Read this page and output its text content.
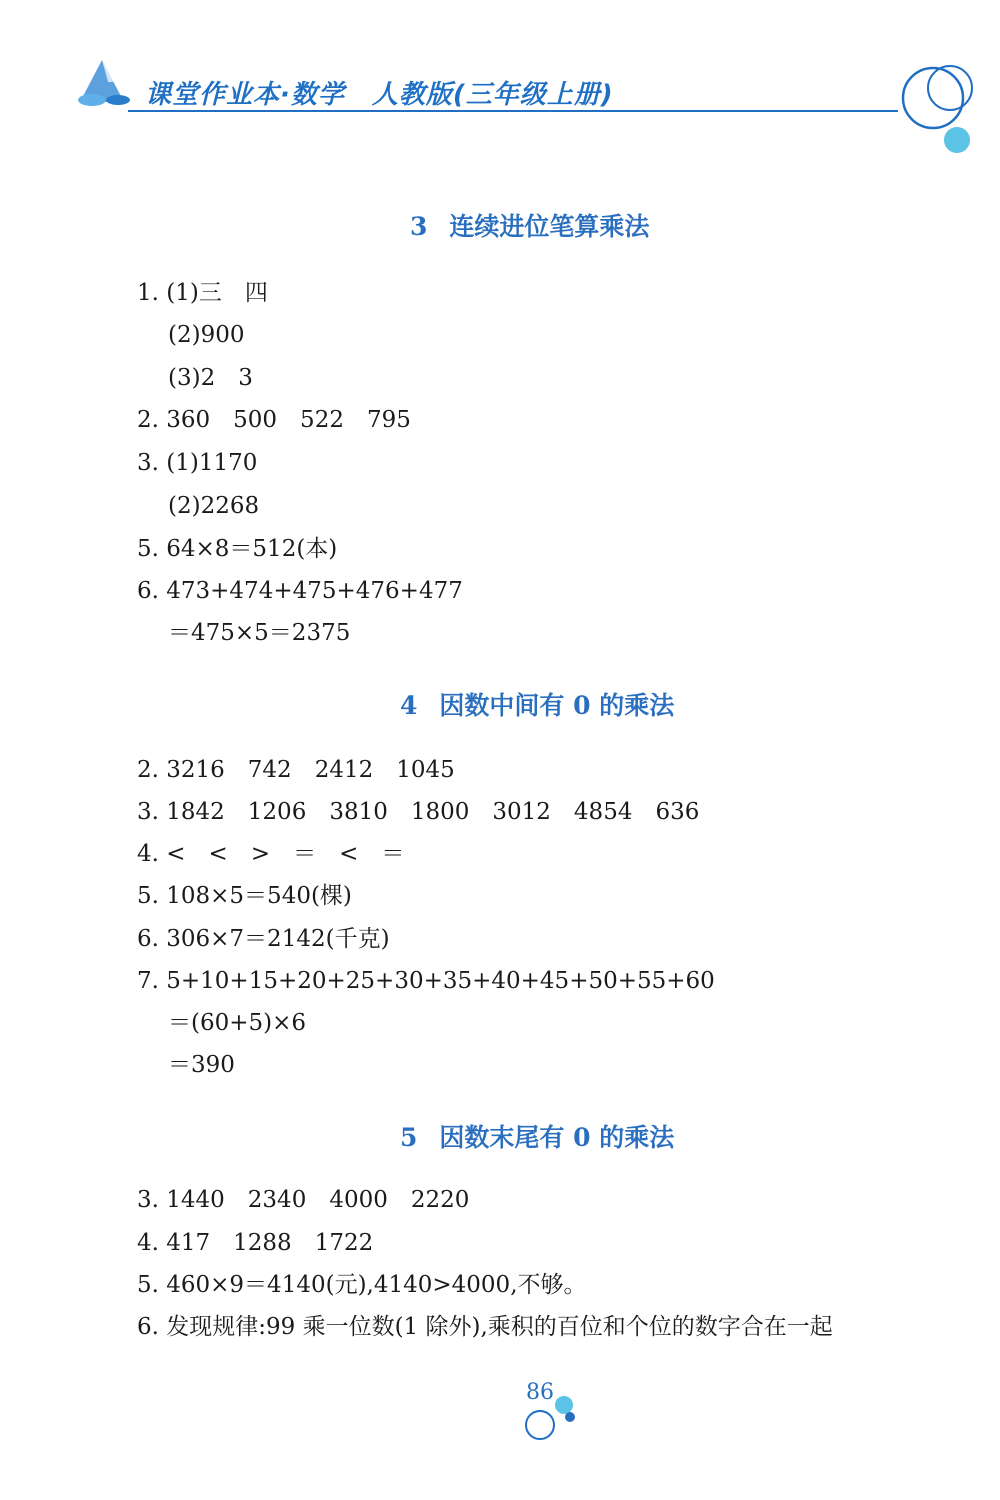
课堂作业本·数学　人教版(三年级上册)
3 连续进位笔算乘法
1. (1)三　四
(2)900
(3)2　3
2. 360　500　522　795
3. (1)1170
(2)2268
5. 64×8＝512(本)
6. 473+474+475+476+477
＝475×5＝2375
4 因数中间有 0 的乘法
2. 3216　742　2412　1045
3. 1842　1206　3810　1800　3012　4854　636
4. <　<　>　＝　<　＝
5. 108×5＝540(棵)
6. 306×7＝2142(千克)
7. 5+10+15+20+25+30+35+40+45+50+55+60
＝(60+5)×6
＝390
5 因数末尾有 0 的乘法
3. 1440　2340　4000　2220
4. 417　1288　1722
5. 460×9＝4140(元),4140>4000,不够。
6. 发现规律:99 乘一位数(1 除外),乘积的百位和个位的数字合在一起
86
